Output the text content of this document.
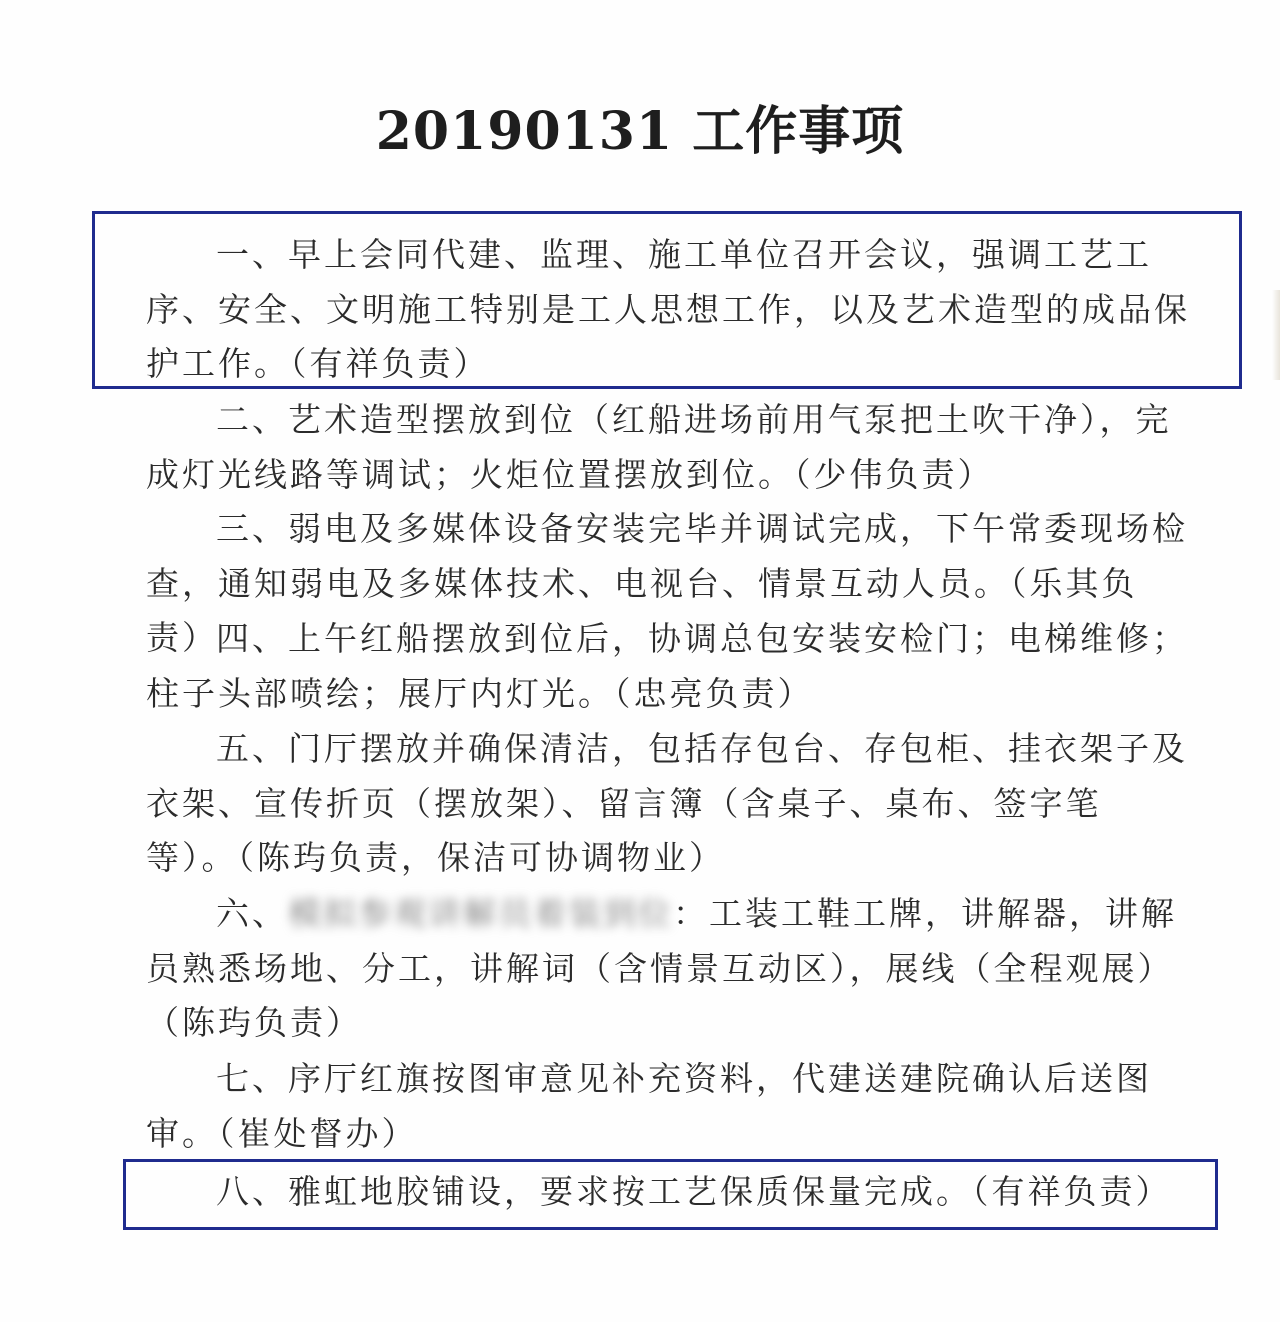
20190131 工作事项

一、早上会同代建、监理、施工单位召开会议，强调工艺工序、安全、文明施工特别是工人思想工作，以及艺术造型的成品保护工作。（有祥负责）

二、艺术造型摆放到位（红船进场前用气泵把土吹干净），完成灯光线路等调试；火炬位置摆放到位。（少伟负责）

三、弱电及多媒体设备安装完毕并调试完成，下午常委现场检查，通知弱电及多媒体技术、电视台、情景互动人员。（乐其负责）

四、上午红船摆放到位后，协调总包安装安检门；电梯维修；柱子头部喷绘；展厅内灯光。（忠亮负责）

五、门厅摆放并确保清洁，包括存包台、存包柜、挂衣架子及衣架、宣传折页（摆放架）、留言簿（含桌子、桌布、签字笔等）。（陈玙负责，保洁可协调物业）

六、模拟参观讲解员着装到位：工装工鞋工牌，讲解器，讲解员熟悉场地、分工，讲解词（含情景互动区），展线（全程观展）（陈玙负责）

七、序厅红旗按图审意见补充资料，代建送建院确认后送图审。（崔处督办）

八、雅虹地胶铺设，要求按工艺保质保量完成。（有祥负责）
